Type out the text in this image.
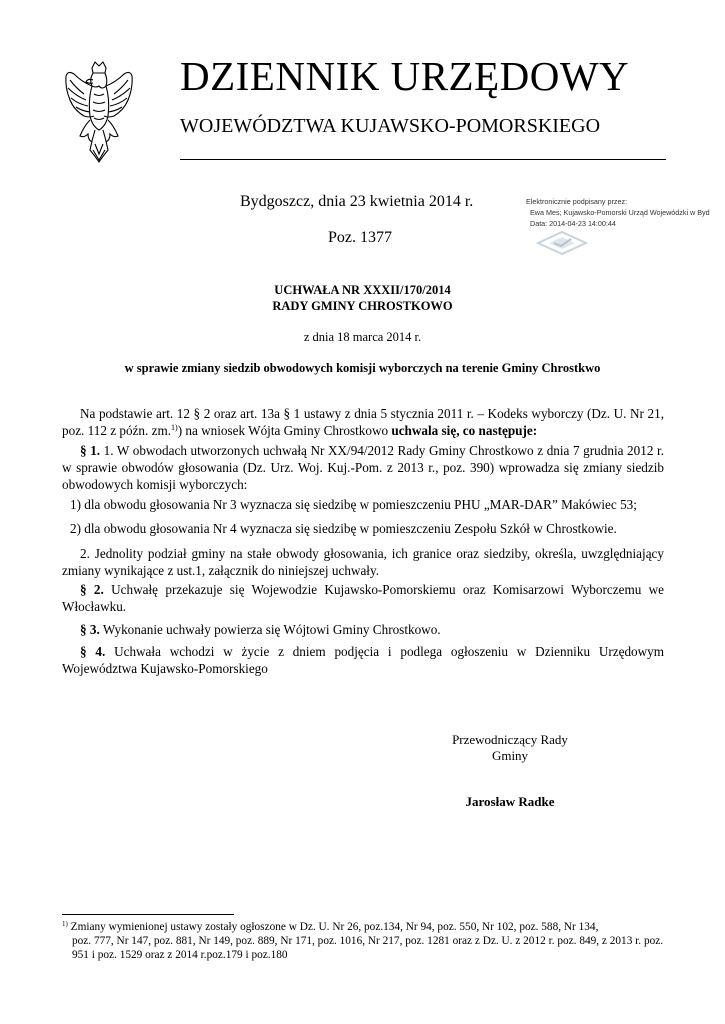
DZIENNIK URZĘDOWY
WOJEWÓDZTWA KUJAWSKO-POMORSKIEGO
Bydgoszcz, dnia 23 kwietnia 2014 r.
Poz. 1377
Elektronicznie podpisany przez:
Ewa Mes; Kujawsko-Pomorski Urząd Wojewódzki w Byd
Data: 2014-04-23 14:00:44
UCHWAŁA NR XXXII/170/2014
RADY GMINY CHROSTKOWO
z dnia 18 marca 2014 r.
w sprawie zmiany siedzib obwodowych komisji wyborczych na terenie Gminy Chrostkwo
Na podstawie art. 12 § 2 oraz art. 13a § 1 ustawy z dnia 5 stycznia 2011 r. – Kodeks wyborczy (Dz. U. Nr 21, poz. 112 z późn. zm.$^{1)}$) na wniosek Wójta Gminy Chrostkowo uchwala się, co następuje:
§ 1. 1. W obwodach utworzonych uchwałą Nr XX/94/2012 Rady Gminy Chrostkowo z dnia 7 grudnia 2012 r. w sprawie obwodów głosowania (Dz. Urz. Woj. Kuj.-Pom. z 2013 r., poz. 390) wprowadza się zmiany siedzib obwodowych komisji wyborczych:
1) dla obwodu głosowania Nr 3 wyznacza się siedzibę w pomieszczeniu PHU „MAR-DAR” Makówiec 53;
2) dla obwodu głosowania Nr 4 wyznacza się siedzibę w pomieszczeniu Zespołu Szkół w Chrostkowie.
2. Jednolity podział gminy na stałe obwody głosowania, ich granice oraz siedziby, określa, uwzględniający zmiany wynikające z ust.1, załącznik do niniejszej uchwały.
§ 2. Uchwałę przekazuje się Wojewodzie Kujawsko-Pomorskiemu oraz Komisarzowi Wyborczemu we Włocławku.
§ 3. Wykonanie uchwały powierza się Wójtowi Gminy Chrostkowo.
§ 4. Uchwała wchodzi w życie z dniem podjęcia i podlega ogłoszeniu w Dzienniku Urzędowym Województwa Kujawsko-Pomorskiego
Przewodniczący Rady
Gminy
Jarosław Radke
$^{1)}$ Zmiany wymienionej ustawy zostały ogłoszone w Dz. U. Nr 26, poz.134, Nr 94, poz. 550, Nr 102, poz. 588, Nr 134,
poz. 777, Nr 147, poz. 881, Nr 149, poz. 889, Nr 171, poz. 1016, Nr 217, poz. 1281 oraz z Dz. U. z 2012 r. poz. 849, z 2013 r. poz. 951 i poz. 1529 oraz z 2014 r.poz.179 i poz.180
